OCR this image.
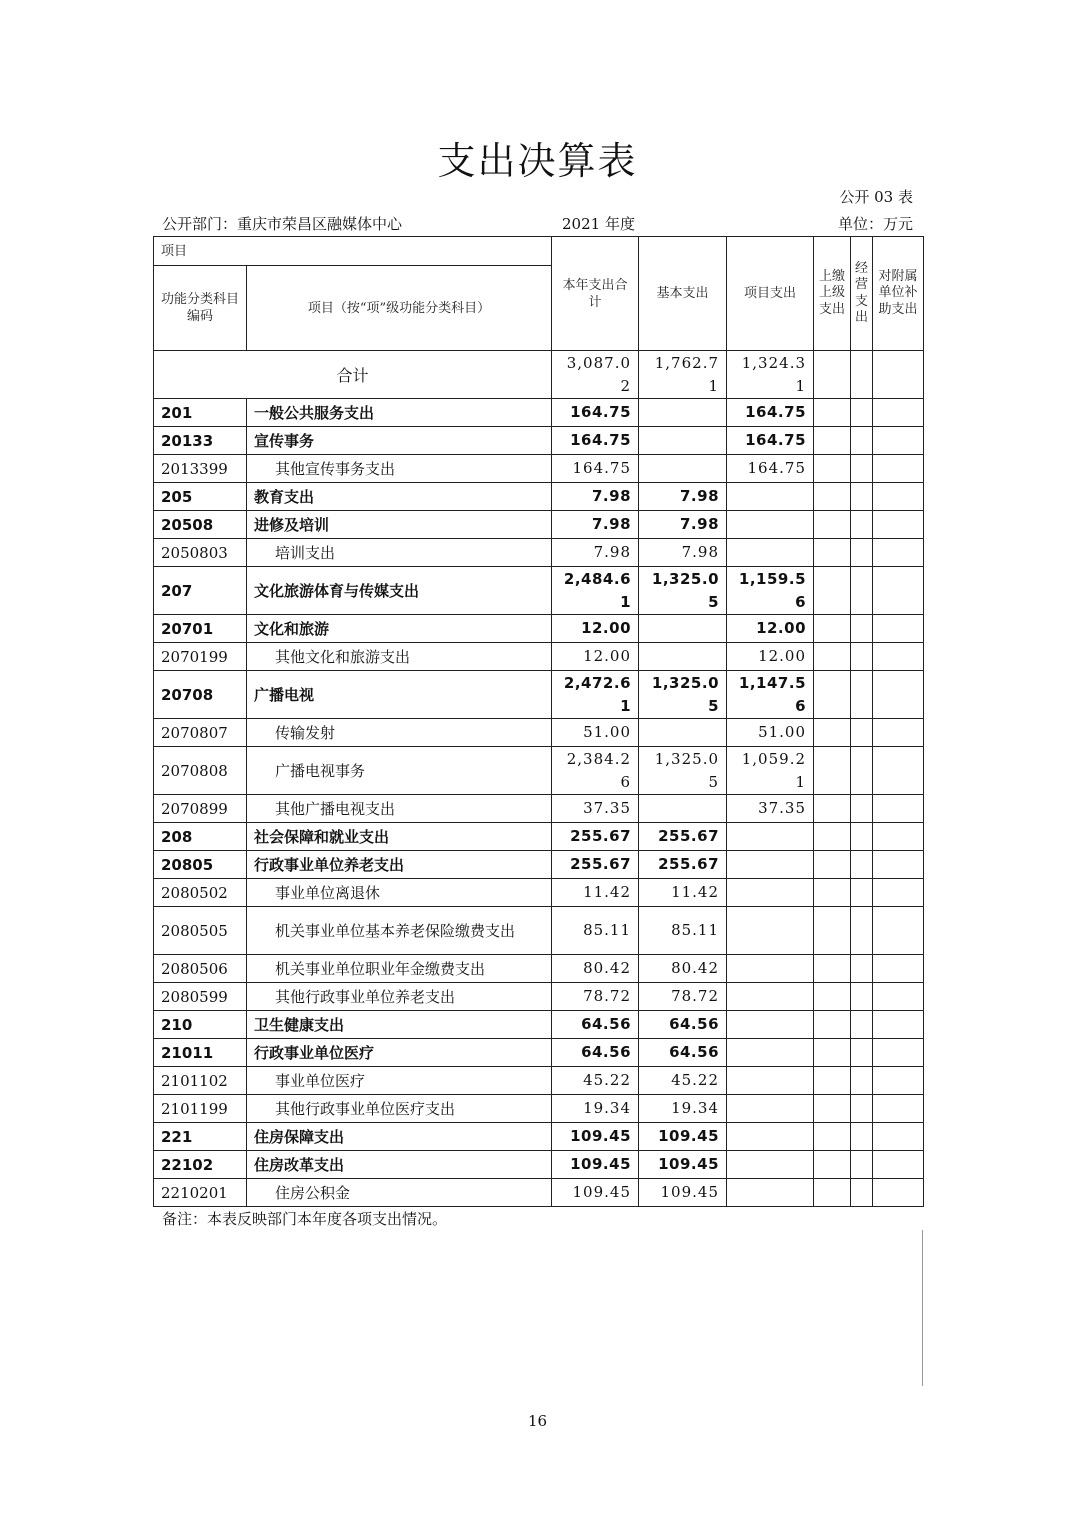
支出决算表
公开 03 表
公开部门：重庆市荣昌区融媒体中心	2021 年度	单位：万元
项目		本年支出合计	基本支出	项目支出	上缴上级支出	经营支出	对附属单位补助支出
功能分类科目编码	项目（按“项”级功能分类科目）						
合计		3,087.02	1,762.71	1,324.31			
201	一般公共服务支出	164.75		164.75			
20133	宣传事务	164.75		164.75			
2013399	其他宣传事务支出	164.75		164.75			
205	教育支出	7.98	7.98				
20508	进修及培训	7.98	7.98				
2050803	培训支出	7.98	7.98				
207	文化旅游体育与传媒支出	2,484.61	1,325.05	1,159.56			
20701	文化和旅游	12.00		12.00			
2070199	其他文化和旅游支出	12.00		12.00			
20708	广播电视	2,472.61	1,325.05	1,147.56			
2070807	传输发射	51.00		51.00			
2070808	广播电视事务	2,384.26	1,325.05	1,059.21			
2070899	其他广播电视支出	37.35		37.35			
208	社会保障和就业支出	255.67	255.67				
20805	行政事业单位养老支出	255.67	255.67				
2080502	事业单位离退休	11.42	11.42				
2080505	机关事业单位基本养老保险缴费支出	85.11	85.11				
2080506	机关事业单位职业年金缴费支出	80.42	80.42				
2080599	其他行政事业单位养老支出	78.72	78.72				
210	卫生健康支出	64.56	64.56				
21011	行政事业单位医疗	64.56	64.56				
2101102	事业单位医疗	45.22	45.22				
2101199	其他行政事业单位医疗支出	19.34	19.34				
221	住房保障支出	109.45	109.45				
22102	住房改革支出	109.45	109.45				
2210201	住房公积金	109.45	109.45				
备注：本表反映部门本年度各项支出情况。
16
